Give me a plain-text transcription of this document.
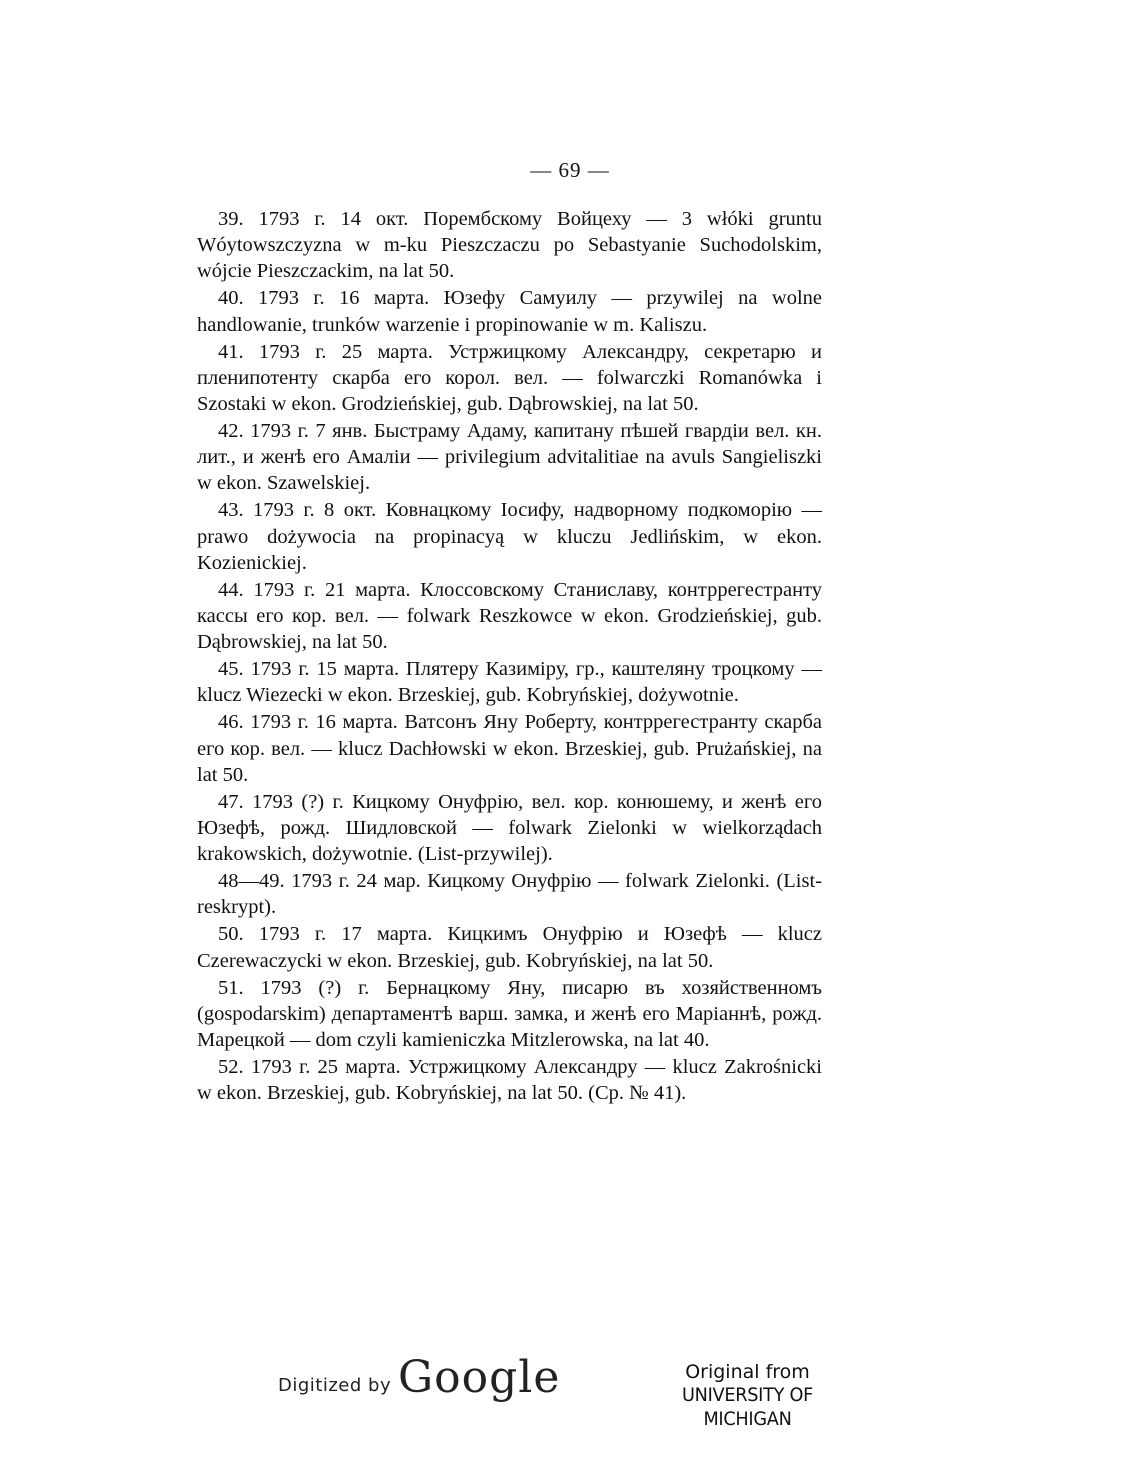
— 69 —

39. 1793 г. 14 окт. Порембскому Войцеху — 3 włóki gruntu Wóytowszczyzna w m-ku Pieszczaczu po Sebastyanie Suchodolskim, wójcie Pieszczackim, na lat 50.

40. 1793 г. 16 марта. Юзефу Самуилу — przywilej na wolne handlowanie, trunków warzenie i propinowanie w m. Kaliszu.

41. 1793 г. 25 марта. Устржицкому Александру, секретарю и пленипотенту скарба его корол. вел. — folwarczki Romanówka i Szostaki w ekon. Grodzieńskiej, gub. Dąbrowskiej, na lat 50.

42. 1793 г. 7 янв. Быстраму Адаму, капитану пѣшей гвардіи вел. кн. лит., и женѣ его Амаліи — privilegium advitalitiae na avuls Sangieliszki w ekon. Szawelskiej.

43. 1793 г. 8 окт. Ковнацкому Іосифу, надворному подкоморію — prawo dożywocia na propinacyą w kluczu Jedlińskim, w ekon. Kozienickiej.

44. 1793 г. 21 марта. Клоссовскому Станиславу, контррегестранту кассы его кор. вел. — folwark Reszkowce w ekon. Grodzieńskiej, gub. Dąbrowskiej, na lat 50.

45. 1793 г. 15 марта. Плятеру Казиміру, гр., каштеляну троцкому — klucz Wiezecki w ekon. Brzeskiej, gub. Kobryńskiej, dożywotnie.

46. 1793 г. 16 марта. Ватсонъ Яну Роберту, контррегестранту скарба его кор. вел. — klucz Dachłowski w ekon. Brzeskiej, gub. Prużańskiej, na lat 50.

47. 1793 (?) г. Кицкому Онуфрію, вел. кор. конюшему, и женѣ его Юзефѣ, рожд. Шидловской — folwark Zielonki w wielkorządach krakowskich, dożywotnie. (List-przywilej).

48—49. 1793 г. 24 мар. Кицкому Онуфрію — folwark Zielonki. (List-reskrypt).

50. 1793 г. 17 марта. Кицкимъ Онуфрію и Юзефѣ — klucz Czerewaczycki w ekon. Brzeskiej, gub. Kobryńskiej, na lat 50.

51. 1793 (?) г. Бернацкому Яну, писарю въ хозяйственномъ (gospodarskim) департаментѣ варш. замка, и женѣ его Маріаннѣ, рожд. Марецкой — dom czyli kamieniczka Mitzlerowska, na lat 40.

52. 1793 г. 25 марта. Устржицкому Александру — klucz Zakrośnicki w ekon. Brzeskiej, gub. Kobryńskiej, na lat 50. (Ср. № 41).

Digitized by Google	Original from
UNIVERSITY OF MICHIGAN
